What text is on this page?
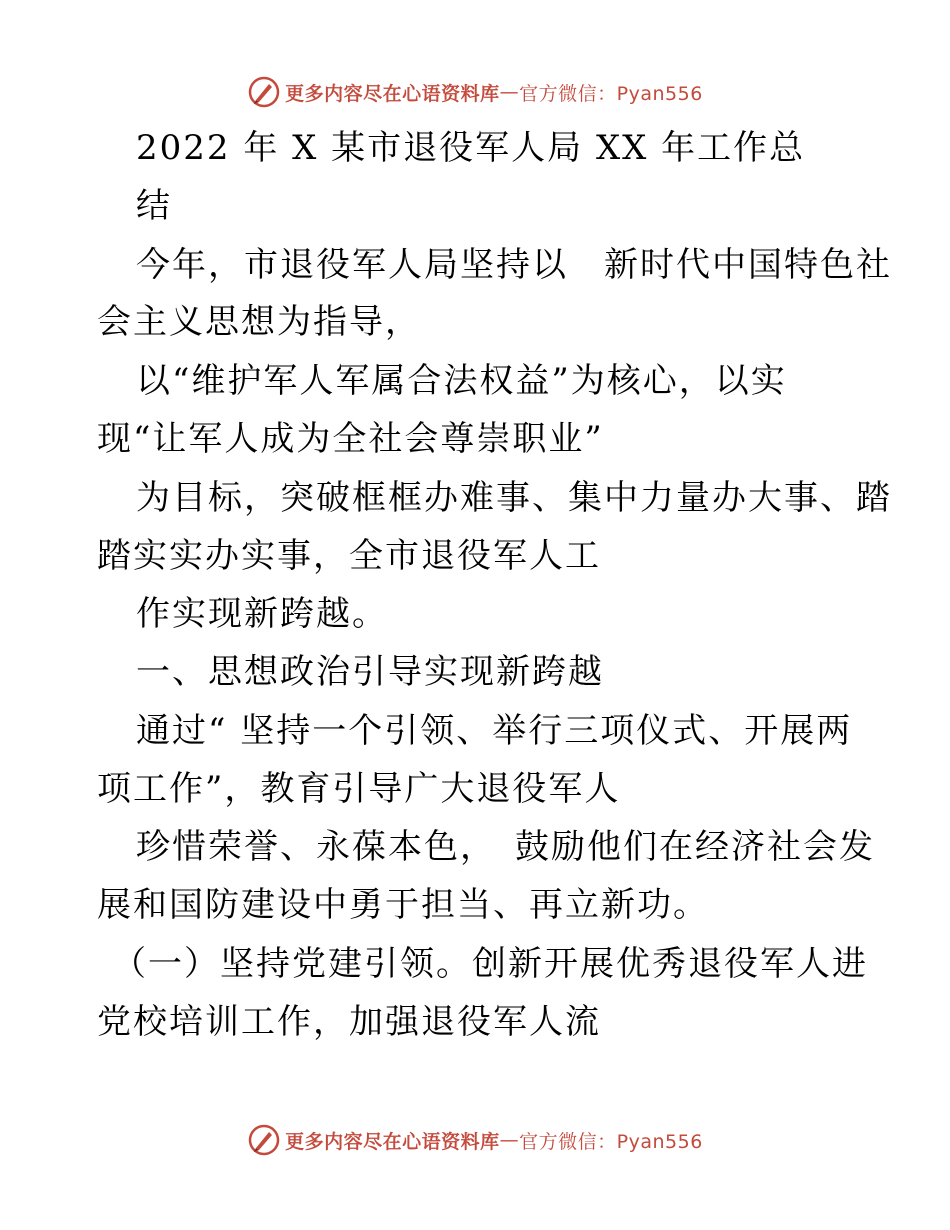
更多内容尽在心语资料库 — 官方微信：Pyan556
2022 年 X 某市退役军人局 XX 年工作总
结
今年，市退役军人局坚持以　新时代中国特色社
会主义思想为指导，
以“维护军人军属合法权益”为核心，以实
现“让军人成为全社会尊崇职业”
为目标，突破框框办难事、集中力量办大事、踏
踏实实办实事，全市退役军人工
作实现新跨越。
一、思想政治引导实现新跨越
通过“ 坚持一个引领、举行三项仪式、开展两
项工作”，教育引导广大退役军人
珍惜荣誉、永葆本色，　鼓励他们在经济社会发
展和国防建设中勇于担当、再立新功。
（一）坚持党建引领。创新开展优秀退役军人进
党校培训工作，加强退役军人流
更多内容尽在心语资料库 — 官方微信：Pyan556
